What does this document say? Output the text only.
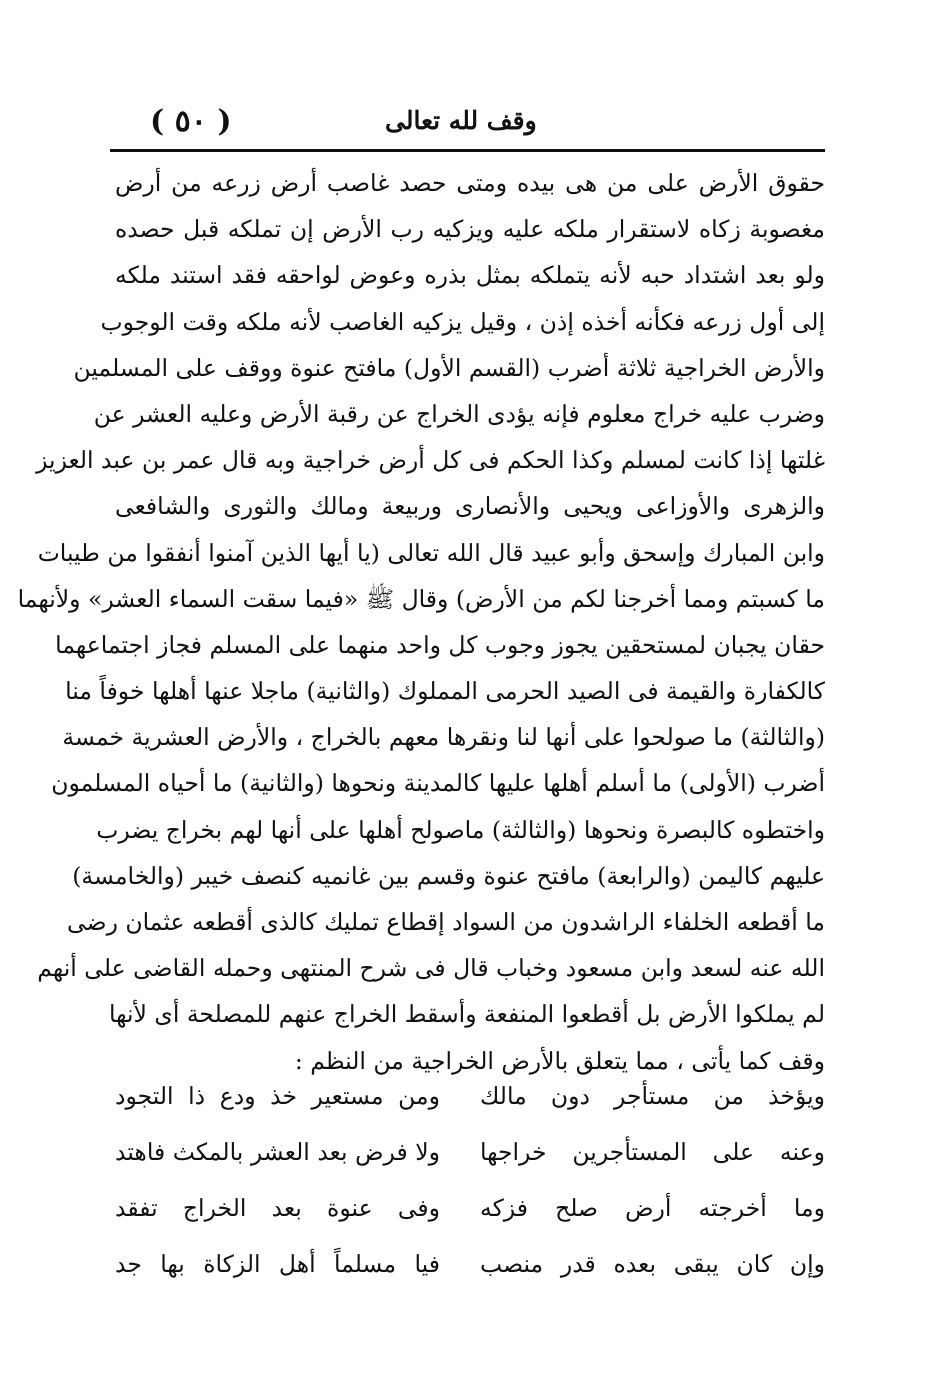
( ٥٠ )	وقف لله تعالى
حقوق الأرض على من هى بيده ومتى حصد غاصب أرض زرعه من أرض
مغصوبة زكاه لاستقرار ملكه عليه ويزكيه رب الأرض إن تملكه قبل حصده
ولو بعد اشتداد حبه لأنه يتملكه بمثل بذره وعوض لواحقه فقد استند ملكه
إلى أول زرعه فكأنه أخذه إذن ، وقيل يزكيه الغاصب لأنه ملكه وقت الوجوب
والأرض الخراجية ثلاثة أضرب (القسم الأول) مافتح عنوة ووقف على المسلمين
وضرب عليه خراج معلوم فإنه يؤدى الخراج عن رقبة الأرض وعليه العشر عن
غلتها إذا كانت لمسلم وكذا الحكم فى كل أرض خراجية وبه قال عمر بن عبد العزيز
والزهرى والأوزاعى ويحيى والأنصارى وربيعة ومالك والثورى والشافعى
وابن المبارك وإسحق وأبو عبيد قال الله تعالى (يا أيها الذين آمنوا أنفقوا من طيبات
ما كسبتم ومما أخرجنا لكم من الأرض) وقال ﷺ «فيما سقت السماء العشر» ولأنهما
حقان يجبان لمستحقين يجوز وجوب كل واحد منهما على المسلم فجاز اجتماعهما
كالكفارة والقيمة فى الصيد الحرمى المملوك (والثانية) ماجلا عنها أهلها خوفاً منا
(والثالثة) ما صولحوا على أنها لنا ونقرها معهم بالخراج ، والأرض العشرية خمسة
أضرب (الأولى) ما أسلم أهلها عليها كالمدينة ونحوها (والثانية) ما أحياه المسلمون
واختطوه كالبصرة ونحوها (والثالثة) ماصولح أهلها على أنها لهم بخراج يضرب
عليهم كاليمن (والرابعة) مافتح عنوة وقسم بين غانميه كنصف خيبر (والخامسة)
ما أقطعه الخلفاء الراشدون من السواد إقطاع تمليك كالذى أقطعه عثمان رضى
الله عنه لسعد وابن مسعود وخباب قال فى شرح المنتهى وحمله القاضى على أنهم
لم يملكوا الأرض بل أقطعوا المنفعة وأسقط الخراج عنهم للمصلحة أى لأنها
وقف كما يأتى ، مما يتعلق بالأرض الخراجية من النظم :
ويؤخذ من مستأجر دون مالك
ومن مستعير خذ ودع ذا التجود
وعنه على المستأجرين خراجها
ولا فرض بعد العشر بالمكث فاهتد
وما أخرجته أرض صلح فزكه
وفى عنوة بعد الخراج تفقد
وإن كان يبقى بعده قدر منصب
فيا مسلماً أهل الزكاة بها جد
